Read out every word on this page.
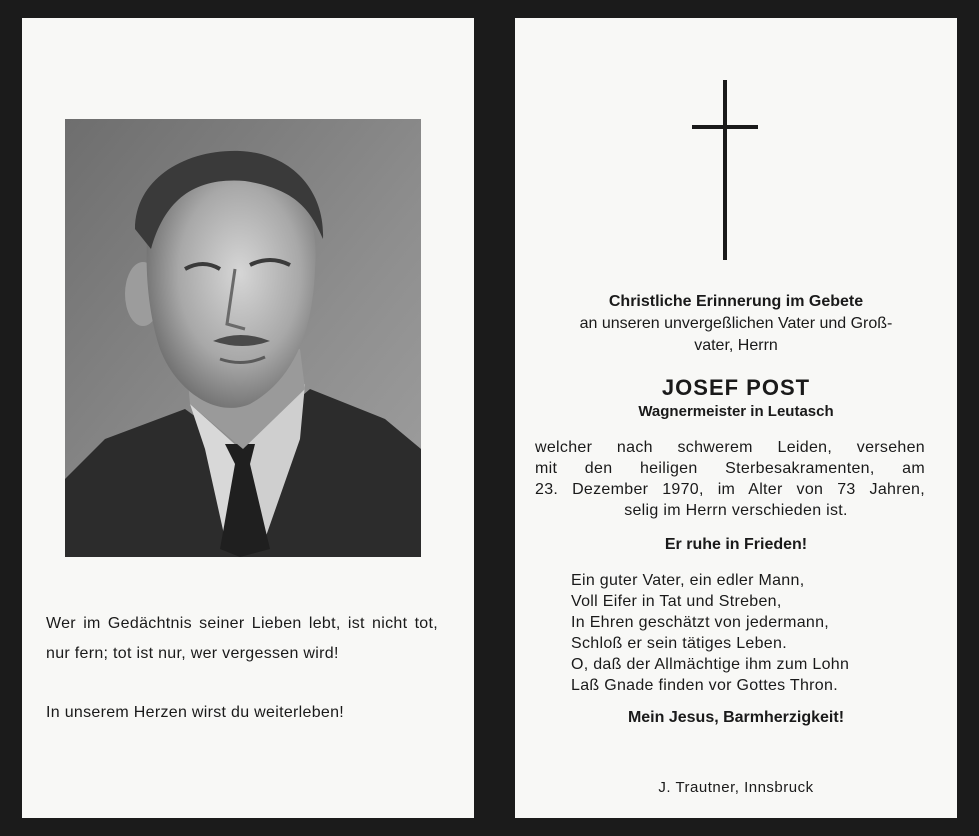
Wer im Gedächtnis seiner Lieben lebt, ist nicht tot, nur fern; tot ist nur, wer vergessen wird!
In unserem Herzen wirst du weiterleben!
Christliche Erinnerung im Gebete
an unseren unvergeßlichen Vater und Groß-
vater, Herrn
JOSEF POST
Wagnermeister in Leutasch
welcher nach schwerem Leiden, versehen
mit den heiligen Sterbesakramenten, am
23. Dezember 1970, im Alter von 73 Jahren,
selig im Herrn verschieden ist.
Er ruhe in Frieden!
Ein guter Vater, ein edler Mann,
Voll Eifer in Tat und Streben,
In Ehren geschätzt von jedermann,
Schloß er sein tätiges Leben.
O, daß der Allmächtige ihm zum Lohn
Laß Gnade finden vor Gottes Thron.
Mein Jesus, Barmherzigkeit!
J. Trautner, Innsbruck
